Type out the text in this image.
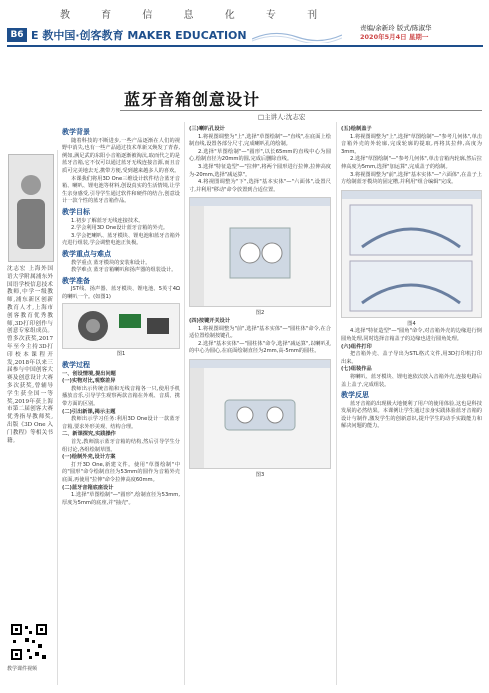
教 育 信 息 化 专 刊
B6 E 教中国·创客教育 MAKER EDUCATION
责编/余新玲 版式/陈淑华
2020年5月4日 星期一
蓝牙音箱创意设计
□主讲人:沈志宏
沈志宏 上海外国语大学附属浦东外国语学校信息技术教师,中学一级教师,浦东新区创新教育人才,上海市创客教育优秀教师,3D打印创作与创意专家组成员。曾多次获奖,2017年至今主持3D打印校本课程开发,2018年以来三届参与中国创客大赛及创意设计大赛多次获奖,曾辅导学生获全国一等奖,2019年获上海市第二届创客大赛优秀指导教师奖,出版《3D One 入门教程》等相关书籍。
教学课件视频

教学背景

随着科技的不断进步,一些产品逐渐在人们的视野中消失,也有一些产品通过技术革新又焕发了青春,例如,满足武的东阳小音箱逐渐被淘汰,取而代之的是蓝牙音箱,它不仅可以通过蓝牙无线连接音源,而且音质可完美地去无,携带方便,受到越来越多人的喜欢。

本课我们将用3D One三维设计软件结合蓝牙音箱、喇叭、锂电池等材料,创设真实的生活情境,让学生亲身感受,引导学生通过软件和硬件的结合,创意设计一款个性的蓝牙音箱作品。

教学目标

1.初步了解蓝牙无线连接技术。

2.学会利用3D One设计蓝牙音箱的外壳。

3.学会把喇叭、蓝牙模块、锂电池和蓝牙音箱外壳进行组装,学会调整电池正负极。

教学重点与难点

教学重点 蓝牙模块的安装和设计。

教学难点 蓝牙音箱喇叭和扬声器的组装设计。

教学准备

JST线、扬声器、蓝牙模块、锂电池、5英寸4Ω的喇叭一个。(如图1)

图1

教学过程

一、创设情境,提出问题

(一)实物对比,观察差异

教师出示传统音箱和无线音箱各一只,使用手机播放音乐,引导学生观察两款音箱在外观、音质、携带方面的区别。

(二)引出新课,揭示主题

教师出示学习任务:利用3D One设计一款蓝牙音箱,要求外形美观、结构合理。

二、新课探究,实践操作

首先,教师演示蓝牙音箱的结构,然后引导学生分组讨论,各组绘制草图。

(一)绘制外壳,设计方案

打开3D One,新建文件。使用"草图绘制"中的"圆形"命令绘制直径为53mm的圆作为音箱外壳底面,再使用"拉伸"命令拉伸高度60mm。

(二)蓝牙音箱底座设计

1.选择"草图绘制"—"圆形",绘制直径为53mm,厚度为5mm的底座,并"抽壳"。

(三)喇叭孔设计

1.将视图调整为"上",选择"草图绘制"—"直线",在底面上绘制直线,设置各部分尺寸,完成喇叭孔的绘制。

2.选择"草图绘制"—"圆形",以长65mm的直线中心为圆心,绘制直径为20mm的圆,完成后删除直线。

3.选择"特征造型"—"拉伸",将两个圆形进行拉伸,拉伸高度为-20mm,选择"减运算"。

4.将视图调整为"下",选择"基本实体"—"六面体",设置尺寸,并利用"移动"命令放置到合适位置。

图2

(四)按键开关设计

1.将视图调整为"前",选择"基本实体"—"圆柱体"命令,在合适位置绘制按键孔。

2.选择"基本实体"—"圆柱体"命令,选择"减运算",以喇叭孔的中心为圆心,在底面绘制直径为2mm,高-5mm的圆柱。

图3

(五)绘制盖子

1.将视图调整为"上",选择"草图绘制"—"参考几何体",单击音箱外壳的外轮廓,完成轮廓的提取,再将其拉伸,高度为3mm。

2.选择"草图绘制"—"参考几何体",单击音箱内轮廓,然后拉伸高度为5mm,选择"加运算",完成盖子的绘制。

3.将视图调整为"前",选择"基本实体"—"六面体",在盖子上方绘制蓝牙模块的固定槽,并利用"组合编辑"完成。

图4

4.选择"特征造型"—"圆角"命令,对音箱外壳的边缘进行倒圆角处理,同时选择音箱盖子的边缘也进行圆角处理。

(六)组件打印

把音箱外壳、盖子导出为STL格式文件,用3D打印机打印出来。

(七)组装作品

将喇叭、蓝牙模块、锂电池依次放入音箱外壳,连接电路后盖上盖子,完成组装。

教学反思

蓝牙音箱的出现极大地便利了用户的使用体验,这也是科技发展的必然结果。本课例让学生通过亲身实践体验蓝牙音箱的设计与制作,激发学生的创新意识,提升学生的动手实践能力和解决问题的能力。
